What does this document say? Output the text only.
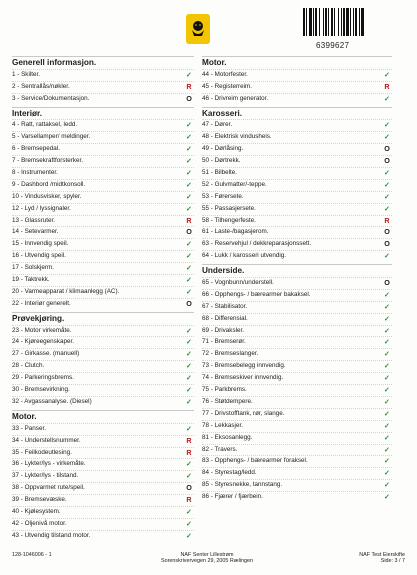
6399627
Generell informasjon.
1 - Skilter.	✓
2 - Sentrallås/nøkler.	R
3 - Service/Dokumentasjon.	O
Interiør.
4 - Ratt, rattaksel, ledd.	✓
5 - Varsellamper/ meldinger.	✓
6 - Bremsepedal.	✓
7 - Bremsekraftforsterker.	✓
8 - Instrumenter.	✓
9 - Dashbord /midtkonsoll.	✓
10 - Vindusvisker, spyler.	✓
12 - Lyd / lyssignaler.	✓
13 - Glassruter.	R
14 - Setevarmer.	O
15 - Innvendig speil.	✓
16 - Utvendig speil.	✓
17 - Solskjerm.	✓
19 - Taktrekk.	✓
20 - Varmeapparat / klimaanlegg (AC).	✓
22 - Interiør generelt.	O
Prøvekjøring.
23 - Motor virkemåte.	✓
24 - Kjøreegenskaper.	✓
27 - Girkasse. (manuell)	✓
28 - Clutch.	✓
29 - Parkeringsbrems.	✓
30 - Bremsevirkning.	✓
32 - Avgassanalyse. (Diesel)	✓
Motor.
33 - Panser.	✓
34 - Understellsnummer.	R
35 - Feilkodeutlesing.	R
36 - Lykter/lys - virkemåte.	✓
37 - Lykter/lys - tilstand.	✓
38 - Oppvarmet rute/speil.	O
39 - Bremsevæske.	R
40 - Kjølesystem.	✓
42 - Oljenivå motor.	✓
43 - Utvendig tilstand motor.	✓
Motor.
44 - Motorfester.	✓
45 - Registerreim.	R
46 - Drivreim generator.	✓
Karosseri.
47 - Dører.	✓
48 - Elektrisk vindusheis.	✓
49 - Dørlåsing.	O
50 - Dørtrekk.	O
51 - Bilbelte.	✓
52 - Gulvmatter/-teppe.	✓
53 - Førersete.	✓
55 - Passasjersete.	✓
58 - Tilhengerfeste.	R
61 - Laste-/bagasjerom.	O
63 - Reservehjul / dekkreparasjonssett.	O
64 - Lukk / karosseri utvendig.	✓
Underside.
65 - Vognbunn/understell.	O
66 - Opphengs- / bærearmer bakaksel.	✓
67 - Stabilisator.	✓
68 - Differensial.	✓
69 - Drivaksler.	✓
71 - Bremserør.	✓
72 - Bremseslanger.	✓
73 - Bremsebelegg innvendig.	✓
74 - Bremseskiver innvendig.	✓
75 - Parkbrems.	✓
76 - Støtdempere.	✓
77 - Drivstofftank, rør, slange.	✓
78 - Lekkasjer.	✓
81 - Eksosanlegg.	✓
82 - Travers.	✓
83 - Opphengs- / bærearmer foraksel.	✓
84 - Styrestag/ledd.	✓
85 - Styresnekke, tannstang.	✓
86 - Fjærer / fjærbein.	✓
128-1046006 - 1	NAF Senter Lillestrøm
Sorenskrivervegen 29, 2005 Rælingen
NAF Test Eierskifte
Side: 3 / 7
